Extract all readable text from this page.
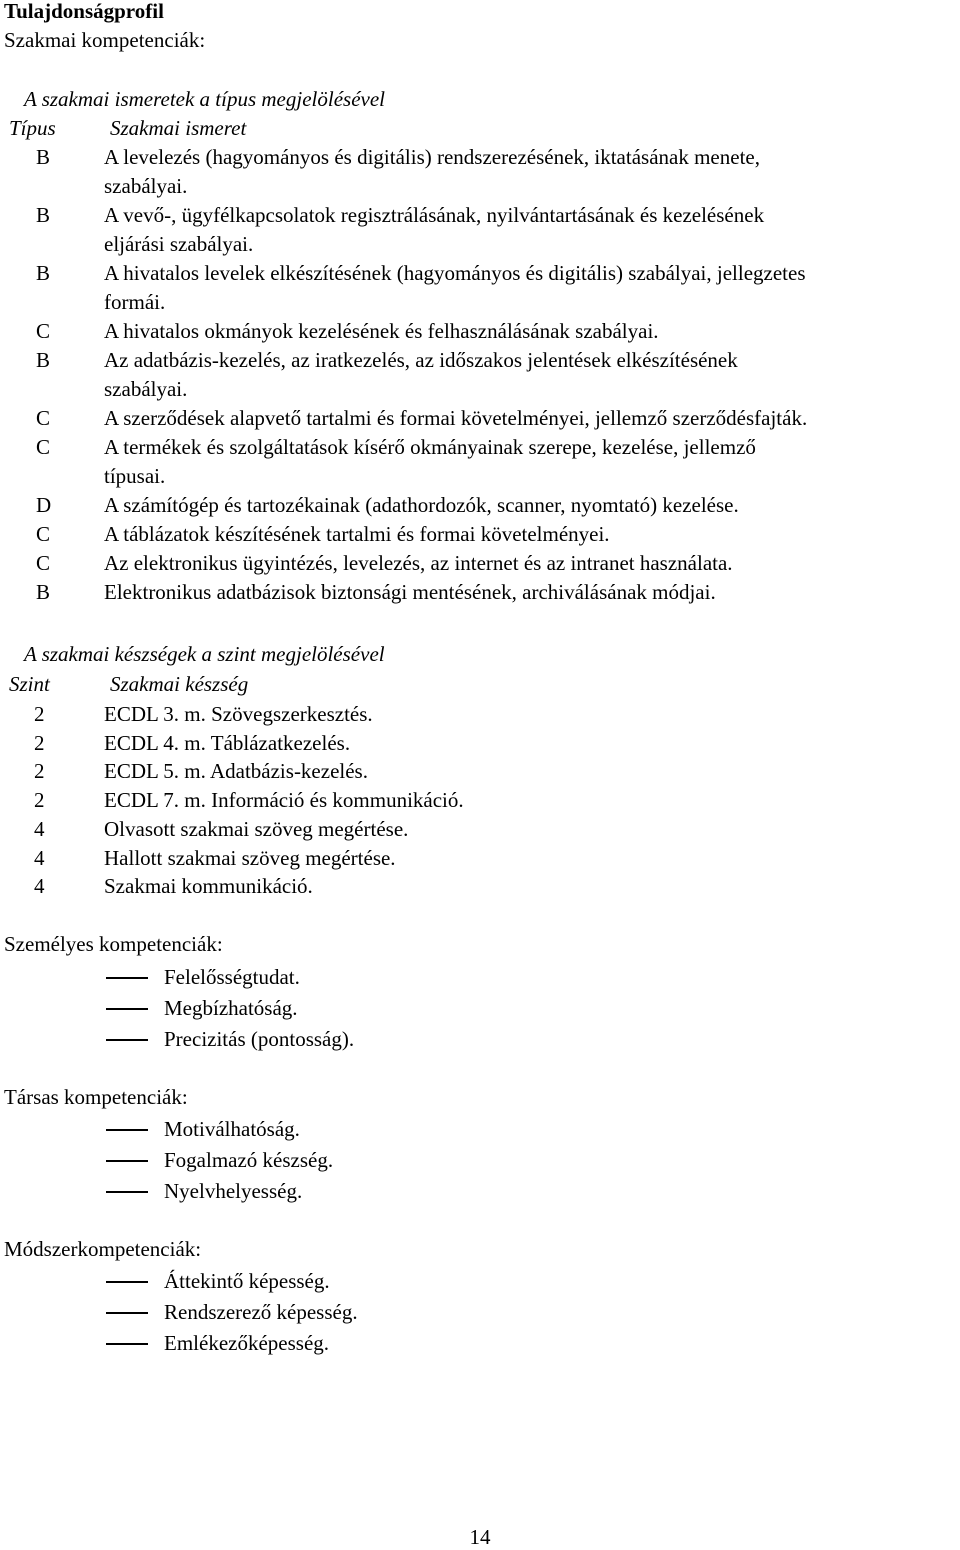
Tulajdonságprofil
Szakmai kompetenciák:
A szakmai ismeretek a típus megjelölésével
Típus	Szakmai ismeret
B	A levelezés (hagyományos és digitális) rendszerezésének, iktatásának menete,
szabályai.
B	A vevő-, ügyfélkapcsolatok regisztrálásának, nyilvántartásának és kezelésének
eljárási szabályai.
B	A hivatalos levelek elkészítésének (hagyományos és digitális) szabályai, jellegzetes
formái.
C	A hivatalos okmányok kezelésének és felhasználásának szabályai.
B	Az adatbázis-kezelés, az iratkezelés, az időszakos jelentések elkészítésének
szabályai.
C	A szerződések alapvető tartalmi és formai követelményei, jellemző szerződésfajták.
C	A termékek és szolgáltatások kísérő okmányainak szerepe, kezelése, jellemző
típusai.
D	A számítógép és tartozékainak (adathordozók, scanner, nyomtató) kezelése.
C	A táblázatok készítésének tartalmi és formai követelményei.
C	Az elektronikus ügyintézés, levelezés, az internet és az intranet használata.
B	Elektronikus adatbázisok biztonsági mentésének, archiválásának módjai.
A szakmai készségek a szint megjelölésével
Szint	Szakmai készség
2	ECDL 3. m. Szövegszerkesztés.
2	ECDL 4. m. Táblázatkezelés.
2	ECDL 5. m. Adatbázis-kezelés.
2	ECDL 7. m. Információ és kommunikáció.
4	Olvasott szakmai szöveg megértése.
4	Hallott szakmai szöveg megértése.
4	Szakmai kommunikáció.
Személyes kompetenciák:
Felelősségtudat.
Megbízhatóság.
Precizitás (pontosság).
Társas kompetenciák:
Motiválhatóság.
Fogalmazó készség.
Nyelvhelyesség.
Módszerkompetenciák:
Áttekintő képesség.
Rendszerező képesség.
Emlékezőképesség.
14
